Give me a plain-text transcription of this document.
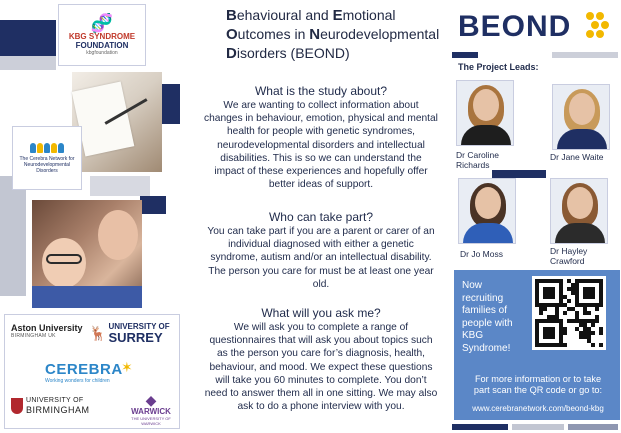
🧬
KBG SYNDROME
FOUNDATION
kbgfoundation
The Cerebra Network for Neurodevelopmental Disorders
Aston University
BIRMINGHAM UK	🦌 UNIVERSITY OF
SURREY
✶
CEREBRA
Working wonders for children
UNIVERSITY OF
BIRMINGHAM
◆
WARWICK
THE UNIVERSITY OF WARWICK
Behavioural and Emotional
Outcomes in Neurodevelopmental
Disorders (BEOND)
What is the study about?
We are wanting to collect information about
changes in behaviour, emotion, physical and mental
health for people with genetic syndromes,
neurodevelopmental disorders and intellectual
disabilities. This is so we can understand the
impact of these experiences and hopefully offer
better ideas of support.
Who can take part?
You can take part if you are a parent or carer of an
individual diagnosed with either a genetic
syndrome, autism and/or an intellectual disability.
The person you care for must be at least one year
old.
What will you ask me?
We will ask you to complete a range of
questionnaires that will ask you about topics such
as the person you care for’s diagnosis, health,
behaviour, and mood. We expect these questions
will take you 60 minutes to complete. You don’t
need to answer them all in one sitting. We may also
ask to do a phone interview with you.
BEOND
The Project Leads:
Dr Caroline
Richards
Dr Jane Waite
Dr Jo Moss	Dr Hayley
Crawford
Now
recruiting
families of
people with
KBG
Syndrome!
For more information or to take
part scan the QR code or go to:
www.cerebranetwork.com/beond-kbg
